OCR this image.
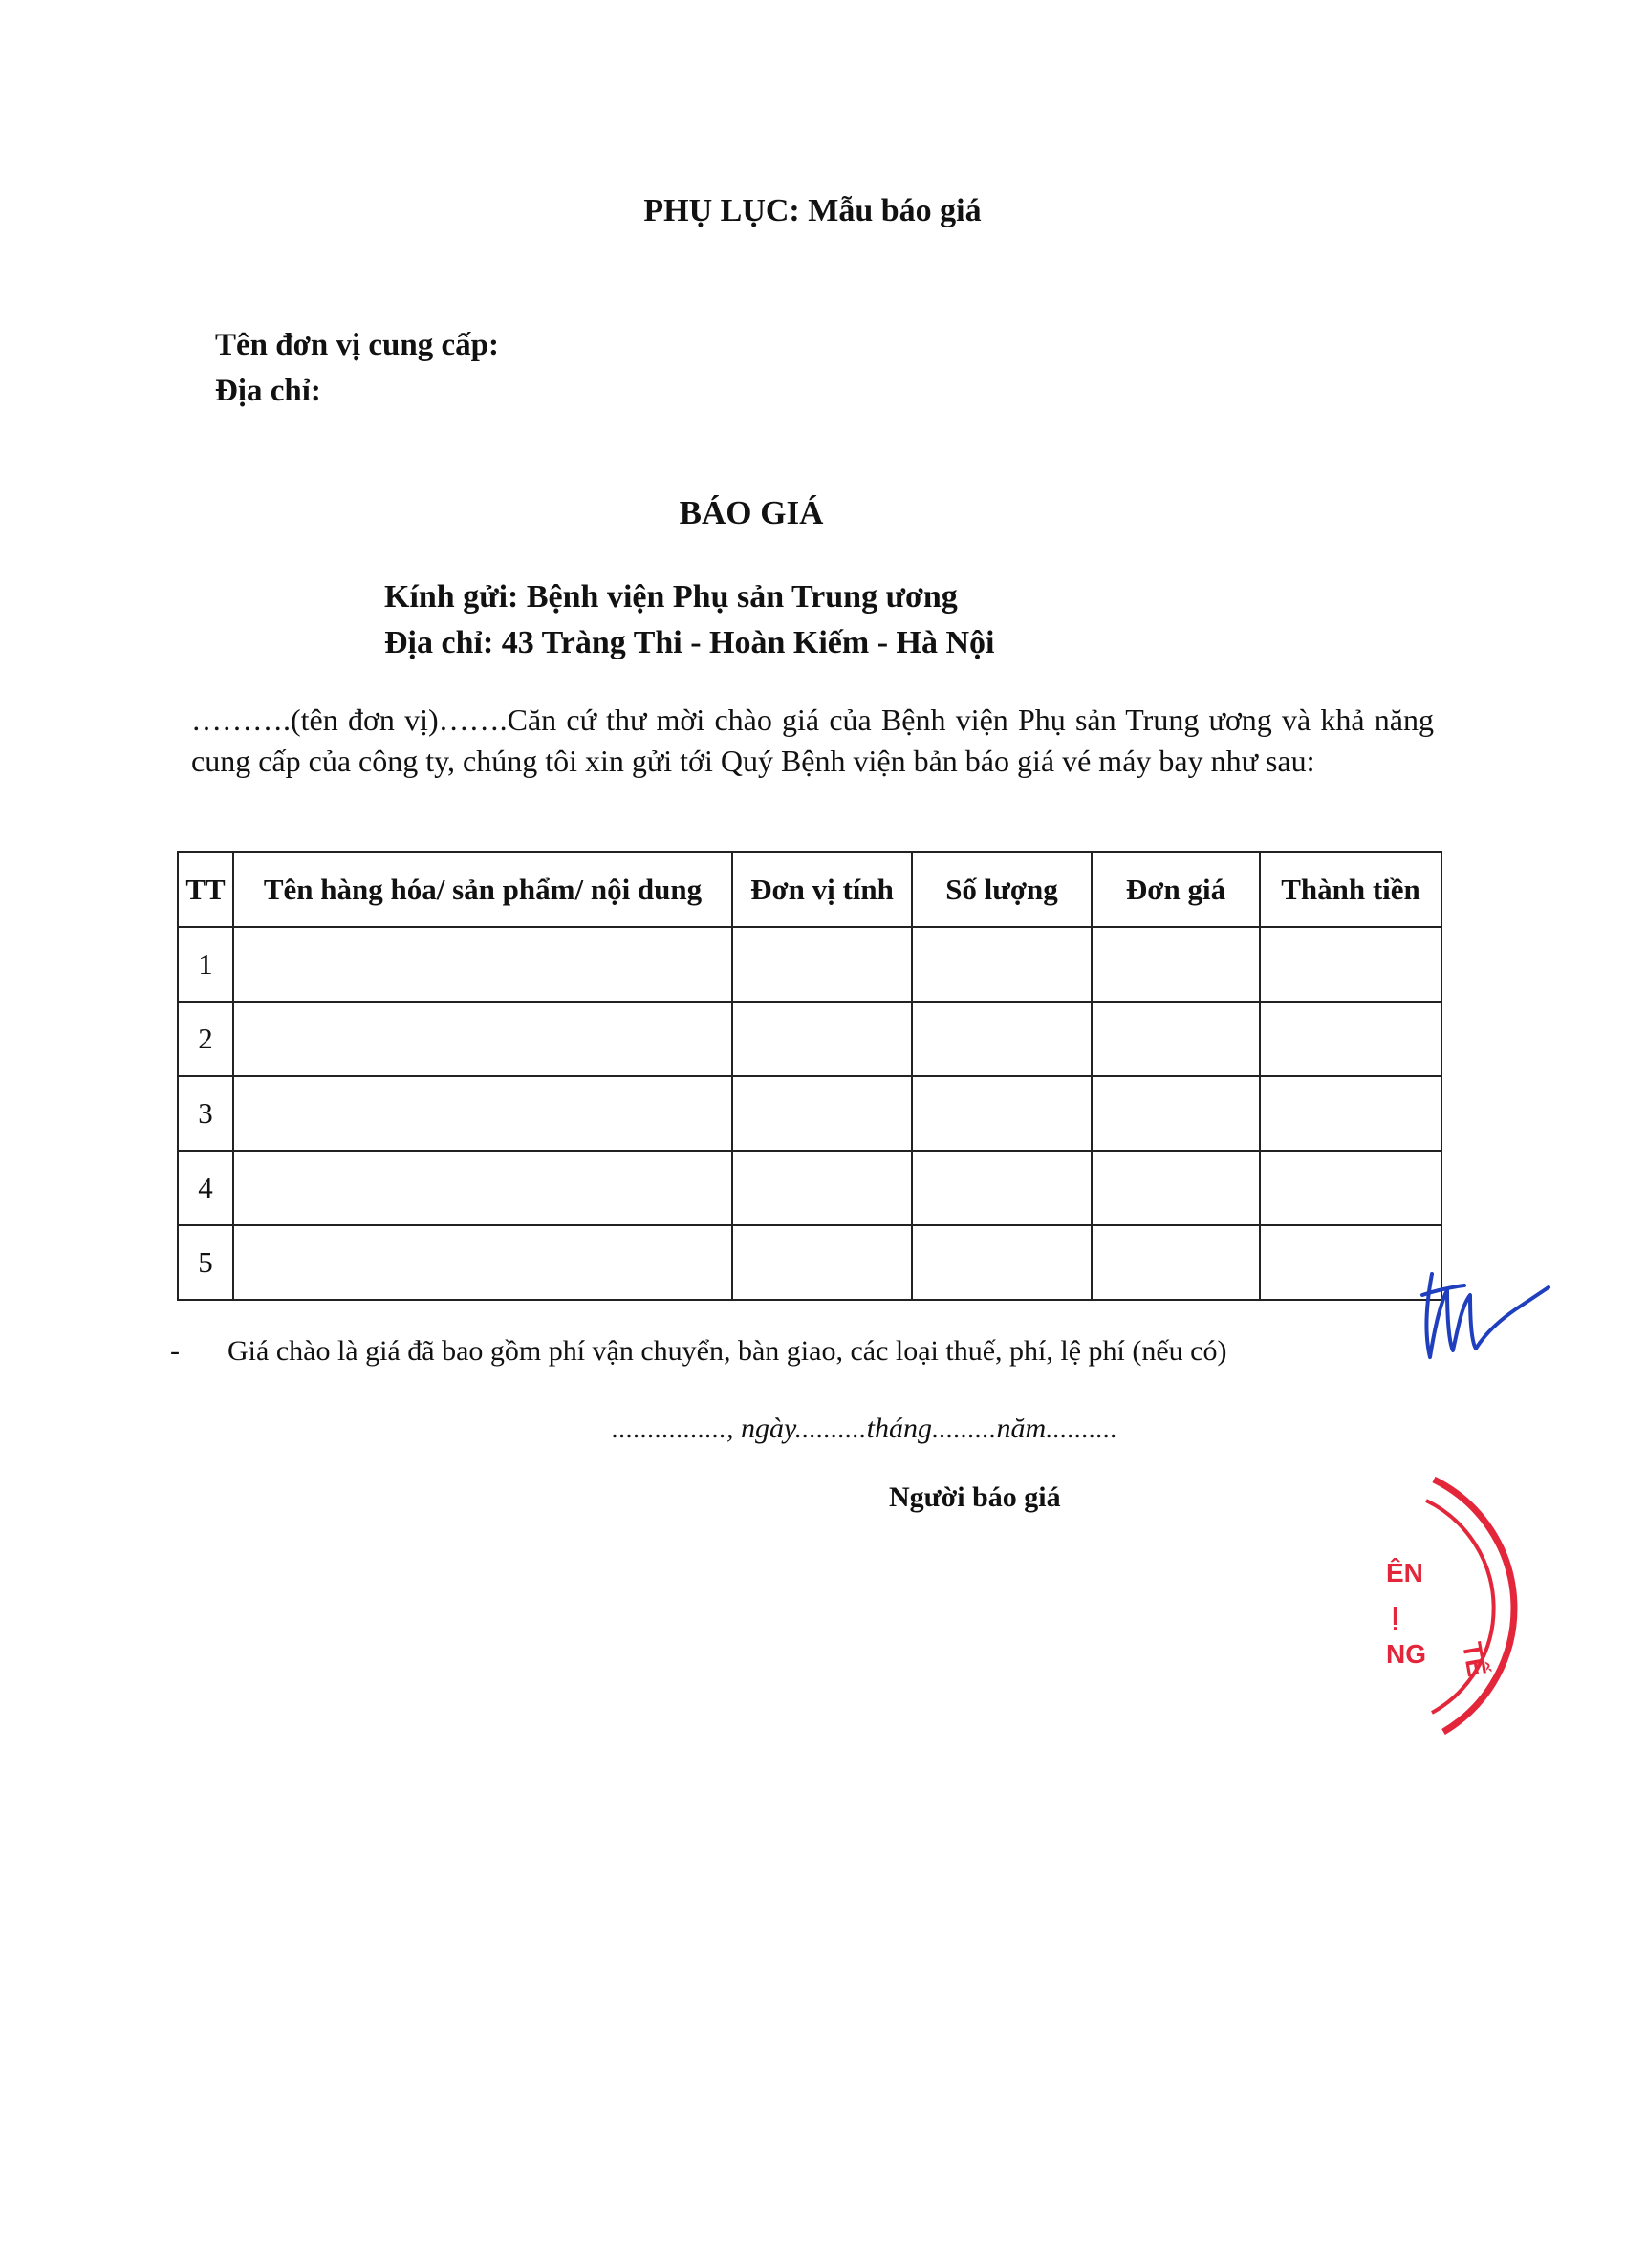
PHỤ LỤC: Mẫu báo giá
Tên đơn vị cung cấp:
Địa chỉ:
BÁO GIÁ
Kính gửi: Bệnh viện Phụ sản Trung ương
Địa chỉ: 43 Tràng Thi - Hoàn Kiếm - Hà Nội
……….(tên đơn vị)…….Căn cứ thư mời chào giá của Bệnh viện Phụ sản Trung ương và khả năng cung cấp của công ty, chúng tôi xin gửi tới Quý Bệnh viện bản báo giá vé máy bay như sau:
TT	Tên hàng hóa/ sản phẩm/ nội dung	Đơn vị tính	Số lượng	Đơn giá	Thành tiền
1					
2					
3					
4					
5					
- Giá chào là giá đã bao gồm phí vận chuyển, bàn giao, các loại thuế, phí, lệ phí (nếu có)
................, ngày..........tháng.........năm..........
Người báo giá
ÊN
Ị
NG TẾ
